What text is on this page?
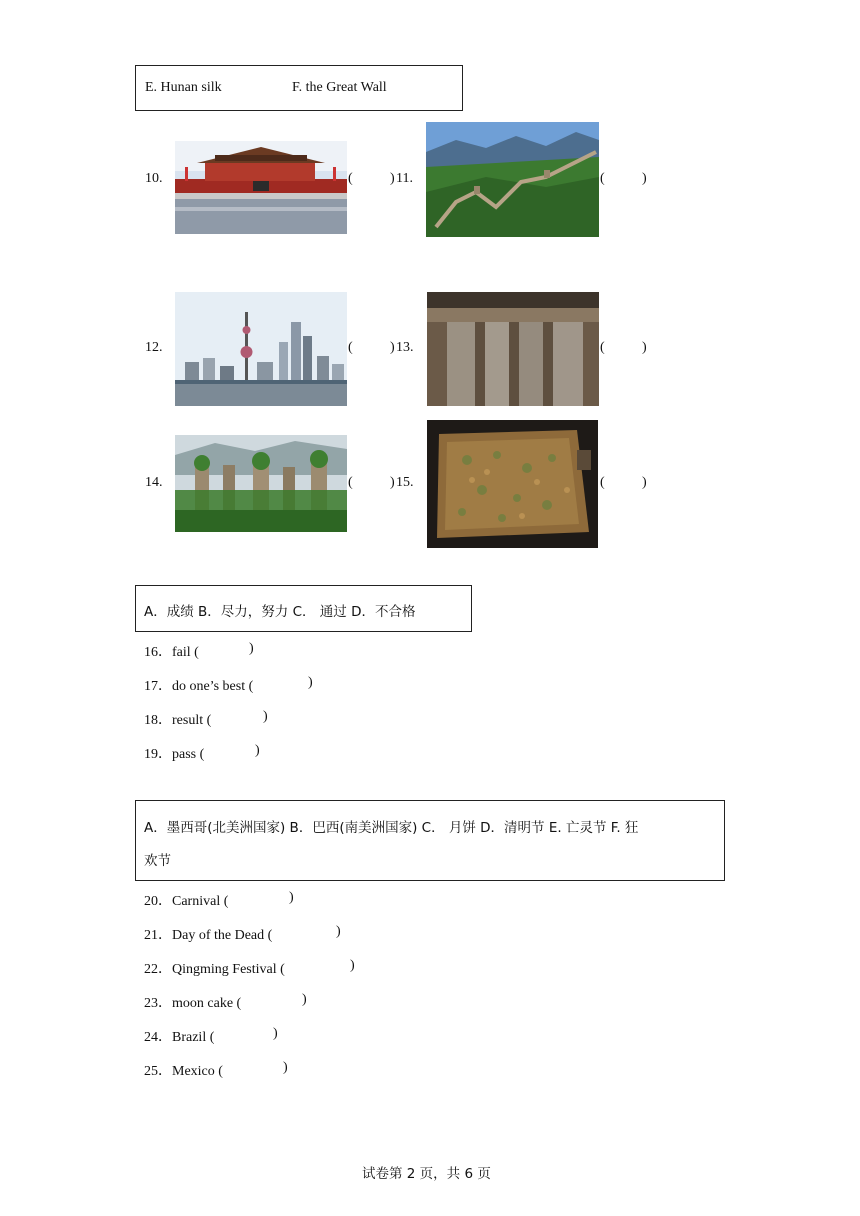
E. Hunan silk	F. the Great Wall
10.	(	) 11.	(	)
12.	(	) 13.	(	)
14.	(	) 15.	(	)
A．成绩 B．尽力，努力 C． 通过 D．不合格
16．fail (	)
17．do one’s best (	)
18．result (	)
19．pass (	)
A．墨西哥(北美洲国家) B．巴西(南美洲国家) C． 月饼 D．清明节 E. 亡灵节 F. 狂
欢节
20．Carnival (	)
21．Day of the Dead (	)
22．Qingming Festival (	)
23．moon cake (	)
24．Brazil (	)
25．Mexico (	)
试卷第 2 页，共 6 页
